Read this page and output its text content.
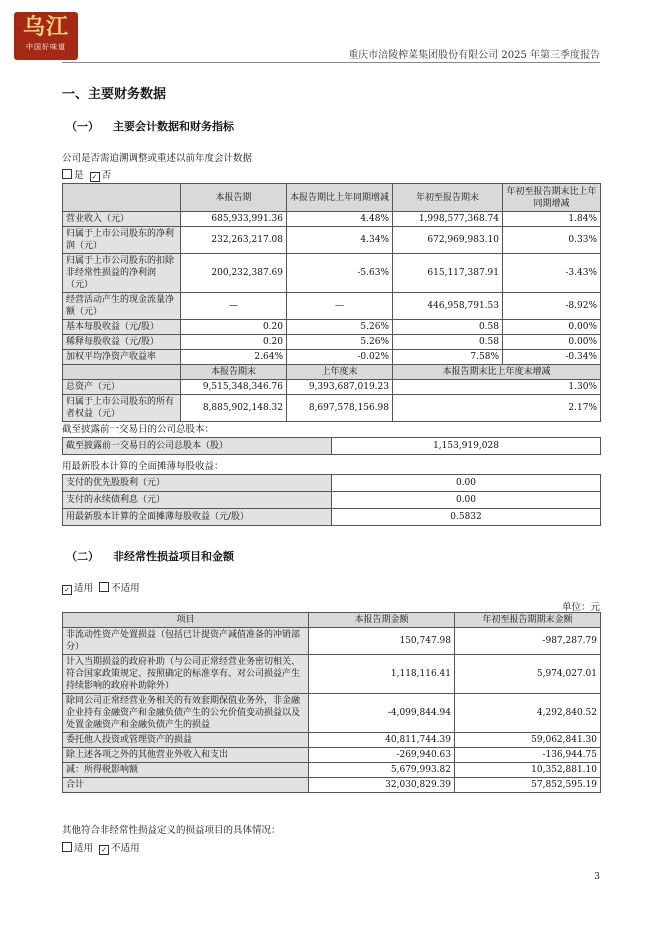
乌江
中国好味道
重庆市涪陵榨菜集团股份有限公司 2025 年第三季度报告
一、主要财务数据
（一） 主要会计数据和财务指标
公司是否需追溯调整或重述以前年度会计数据
是 ✓ 否
	本报告期	本报告期比上年同期增减	年初至报告期末	年初至报告期末比上年同期增减
营业收入（元）	685,933,991.36	4.48%	1,998,577,368.74	1.84%
归属于上市公司股东的净利润（元）	232,263,217.08	4.34%	672,969,983.10	0.33%
归属于上市公司股东的扣除非经常性损益的净利润（元）	200,232,387.69	-5.63%	615,117,387.91	-3.43%
经营活动产生的现金流量净额（元）	—	—	446,958,791.53	-8.92%
基本每股收益（元/股）	0.20	5.26%	0.58	0.00%
稀释每股收益（元/股）	0.20	5.26%	0.58	0.00%
加权平均净资产收益率	2.64%	-0.02%	7.58%	-0.34%
	本报告期末	上年度末	本报告期末比上年度末增减	
总资产（元）	9,515,348,346.76	9,393,687,019.23	1.30%	
归属于上市公司股东的所有者权益（元）	8,885,902,148.32	8,697,578,156.98	2.17%	
截至披露前一交易日的公司总股本：
截至披露前一交易日的公司总股本（股）	1,153,919,028
用最新股本计算的全面摊薄每股收益：
支付的优先股股利（元）	0.00
支付的永续债利息（元）	0.00
用最新股本计算的全面摊薄每股收益（元/股）	0.5832
（二） 非经常性损益项目和金额
✓ 适用 不适用
单位：元
项目	本报告期金额	年初至报告期期末金额
非流动性资产处置损益（包括已计提资产减值准备的冲销部分）	150,747.98	-987,287.79
计入当期损益的政府补助（与公司正常经营业务密切相关、符合国家政策规定、按照确定的标准享有、对公司损益产生持续影响的政府补助除外）	1,118,116.41	5,974,027.01
除同公司正常经营业务相关的有效套期保值业务外，非金融企业持有金融资产和金融负债产生的公允价值变动损益以及处置金融资产和金融负债产生的损益	-4,099,844.94	4,292,840.52
委托他人投资或管理资产的损益	40,811,744.39	59,062,841.30
除上述各项之外的其他营业外收入和支出	-269,940.63	-136,944.75
减：所得税影响额	5,679,993.82	10,352,881.10
合计	32,030,829.39	57,852,595.19
其他符合非经常性损益定义的损益项目的具体情况：
适用 ✓ 不适用
3
